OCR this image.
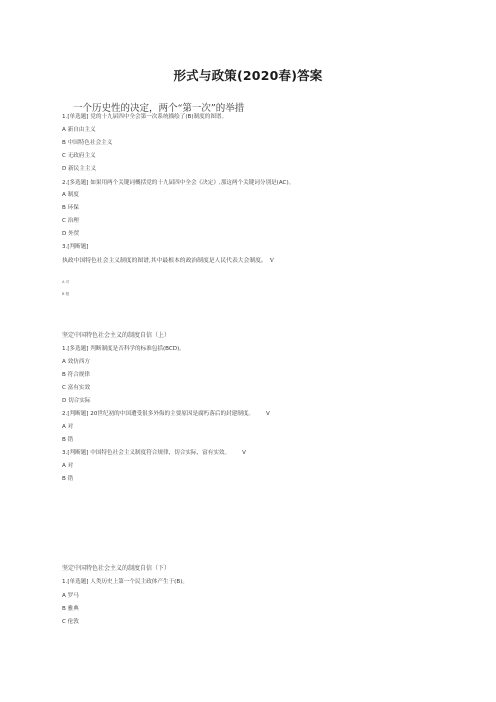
形式与政策(2020春)答案
一个历史性的决定，两个“第一次”的举措
1.[单选题] 党的十九届四中全会第一次系统描绘了(B)制度的图谱。
A 新自由主义
B 中国特色社会主义
C 无政府主义
D 新民主主义
2.[多选题] 如果用两个关键词概括党的十九届四中全会《决定》,那这两个关键词分别是(AC)。
A 制度
B 环保
C 治理
D 外贸
3.[判断题]
执政中国特色社会主义制度的图谱,其中最根本的政治制度是人民代表大会制度。 V
A 对
B 错
坚定中国特色社会主义的制度自信（上）
1.[多选题] 判断制度是否科学的标准包括(BCD)。
A 效仿西方
B 符合规律
C 富有实效
D 切合实际
2.[判断题] 20世纪初的中国遭受很多外侮的主要原因是腐朽落后的封建制度。 V
A 对
B 错
3.[判断题] 中国特色社会主义制度符合规律，切合实际，富有实效。 V
A 对
B 错
坚定中国特色社会主义的制度自信（下）
1.[单选题] 人类历史上第一个民主政体产生于(B)。
A 罗马
B 雅典
C 伦敦
